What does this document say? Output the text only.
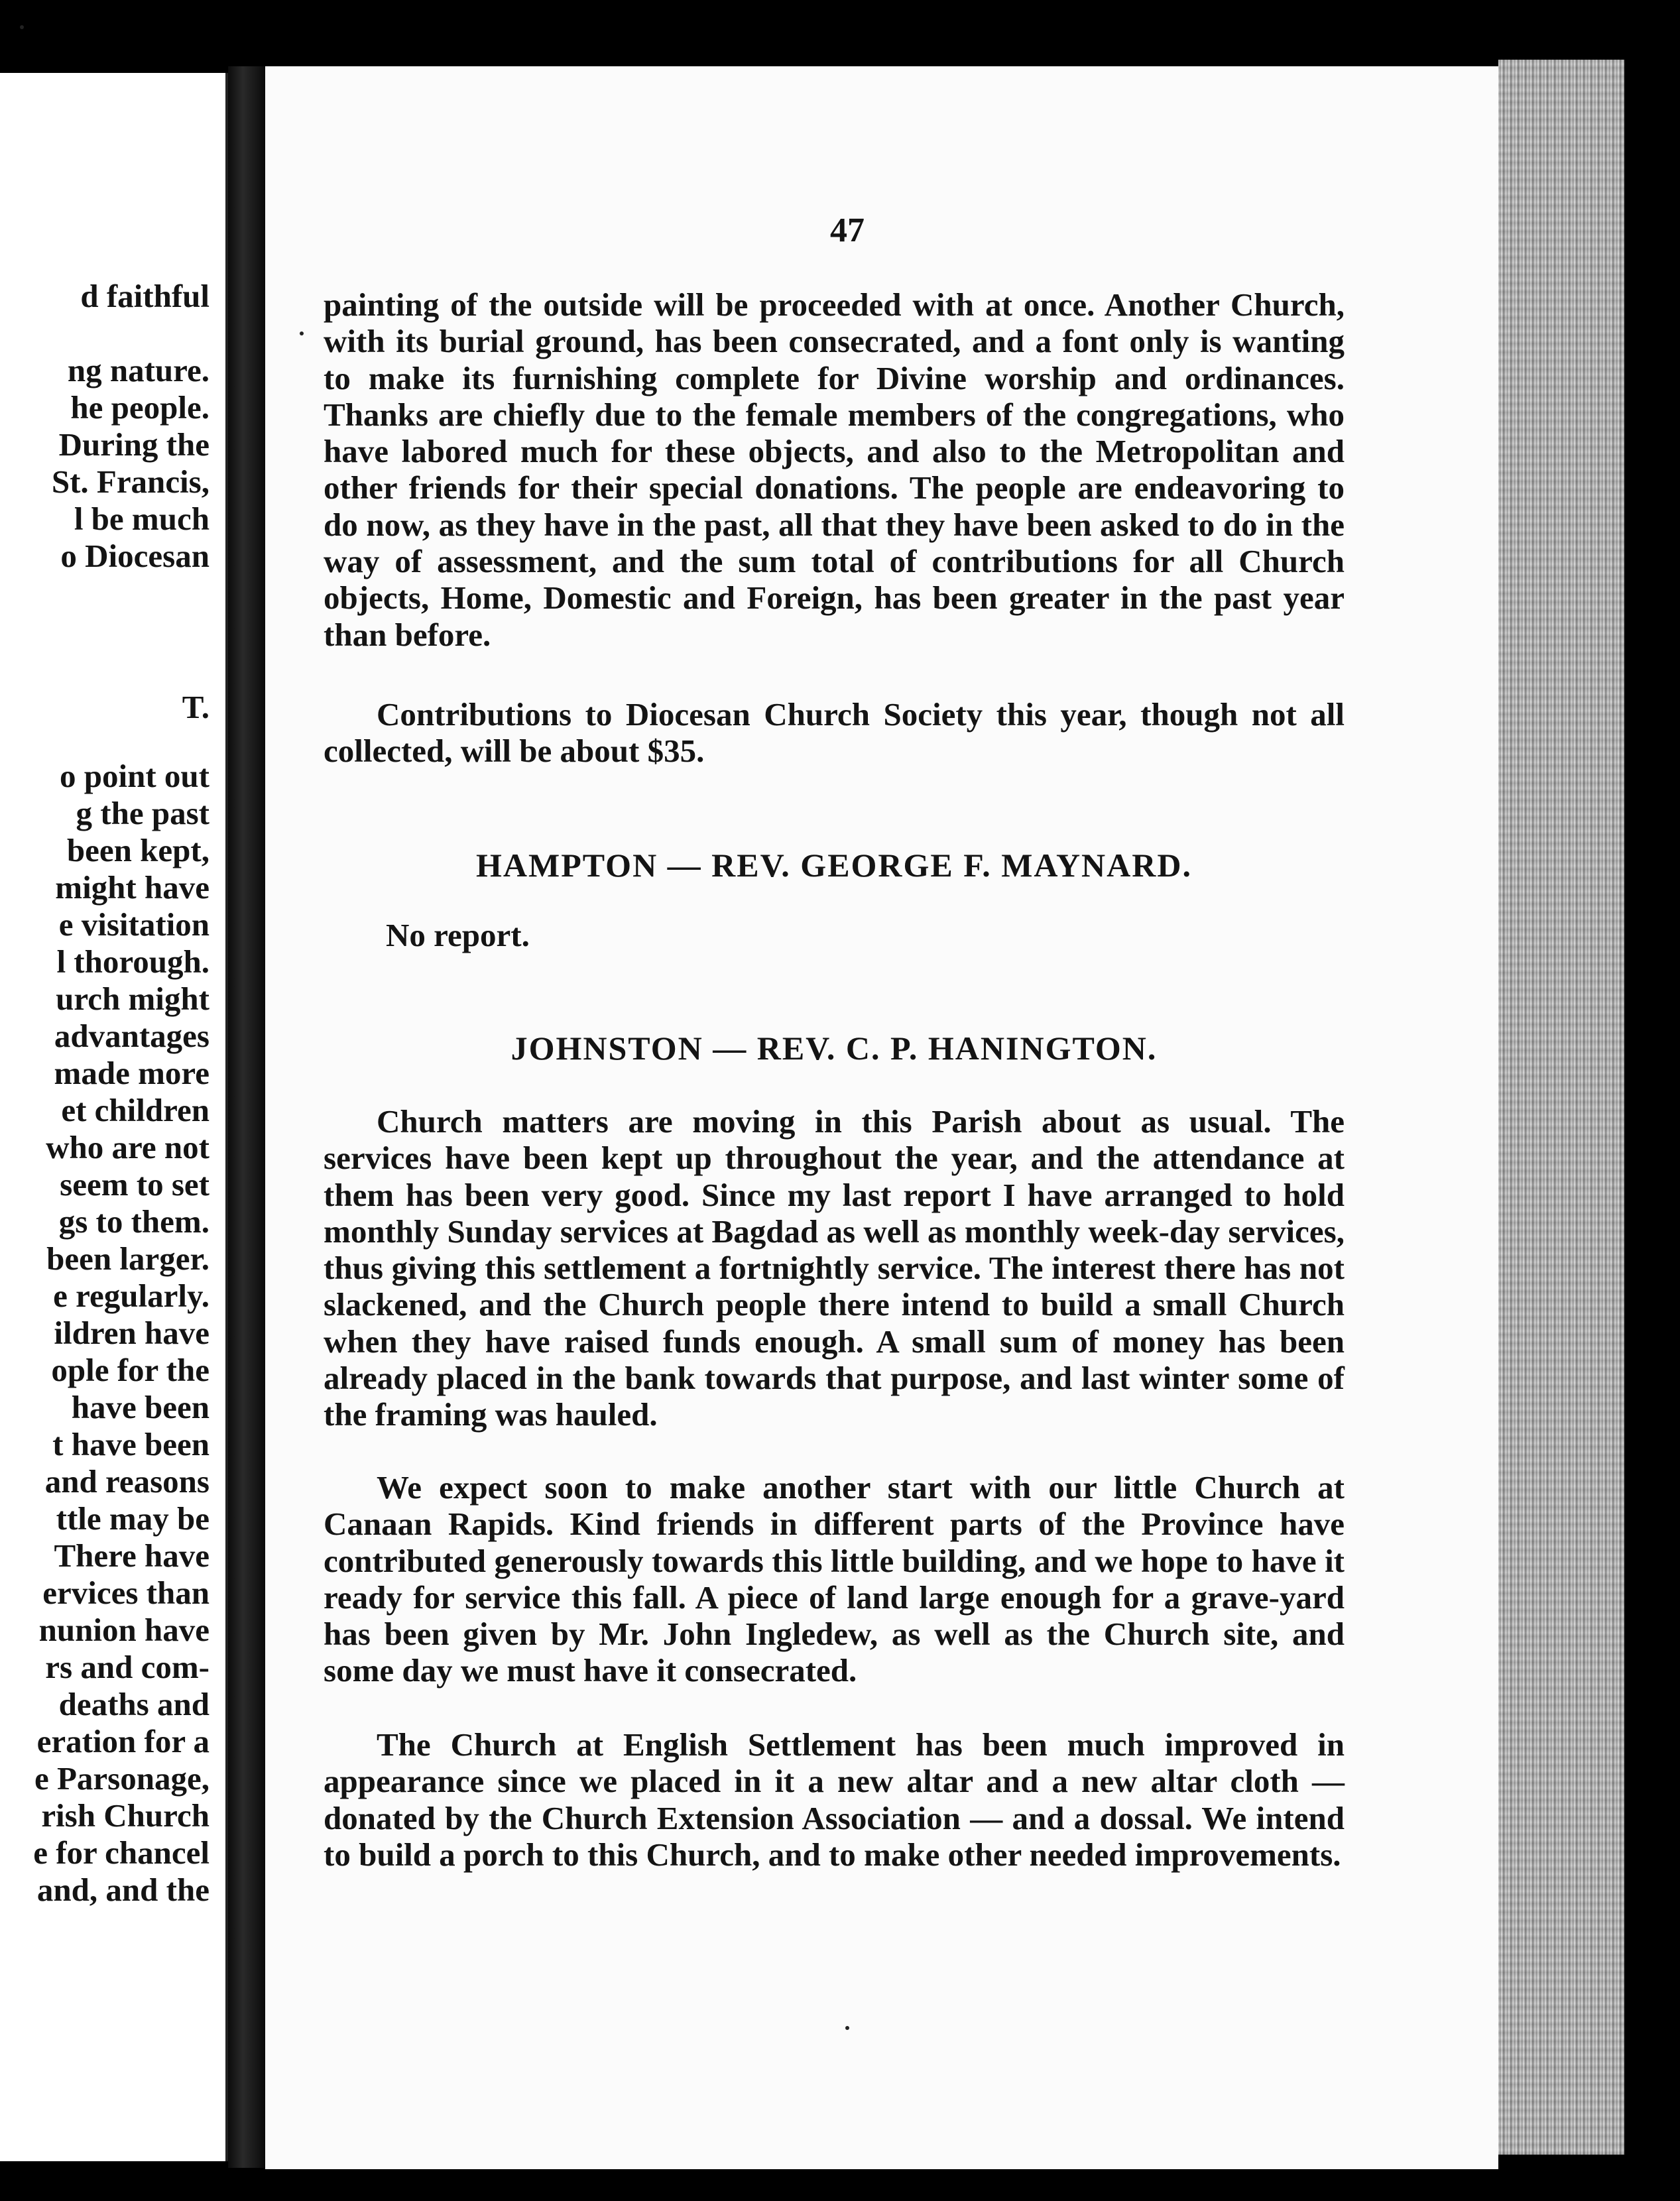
d faithful
ng nature.
he people.
During the
St. Francis,
l be much
o Diocesan
T.
o point out
g the past
been kept,
might have
e visitation
l thorough.
urch might
advantages
made more
et children
who are not
seem to set
gs to them.
been larger.
e regularly.
ildren have
ople for the
have been
t have been
and reasons
ttle may be
There have
ervices than
nunion have
rs and com-
deaths and
eration for a
e Parsonage,
rish Church
e for chancel
and, and the
47

painting of the outside will be proceeded with at once. Another Church, with its burial ground, has been consecrated, and a font only is wanting to make its furnishing complete for Divine worship and ordinances. Thanks are chiefly due to the female members of the congregations, who have labored much for these objects, and also to the Metropolitan and other friends for their special donations. The people are endeavoring to do now, as they have in the past, all that they have been asked to do in the way of assessment, and the sum total of contributions for all Church objects, Home, Domestic and Foreign, has been greater in the past year than before.

Contributions to Diocesan Church Society this year, though not all collected, will be about $35.

HAMPTON — REV. GEORGE F. MAYNARD.

No report.

JOHNSTON — REV. C. P. HANINGTON.

Church matters are moving in this Parish about as usual. The services have been kept up throughout the year, and the attendance at them has been very good. Since my last report I have arranged to hold monthly Sunday services at Bagdad as well as monthly week-day services, thus giving this settlement a fortnightly service. The interest there has not slackened, and the Church people there intend to build a small Church when they have raised funds enough. A small sum of money has been already placed in the bank towards that purpose, and last winter some of the framing was hauled.

We expect soon to make another start with our little Church at Canaan Rapids. Kind friends in different parts of the Province have contributed generously towards this little building, and we hope to have it ready for service this fall. A piece of land large enough for a grave-yard has been given by Mr. John Ingledew, as well as the Church site, and some day we must have it consecrated.

The Church at English Settlement has been much improved in appearance since we placed in it a new altar and a new altar cloth — donated by the Church Extension Association — and a dossal. We intend to build a porch to this Church, and to make other needed improvements.
